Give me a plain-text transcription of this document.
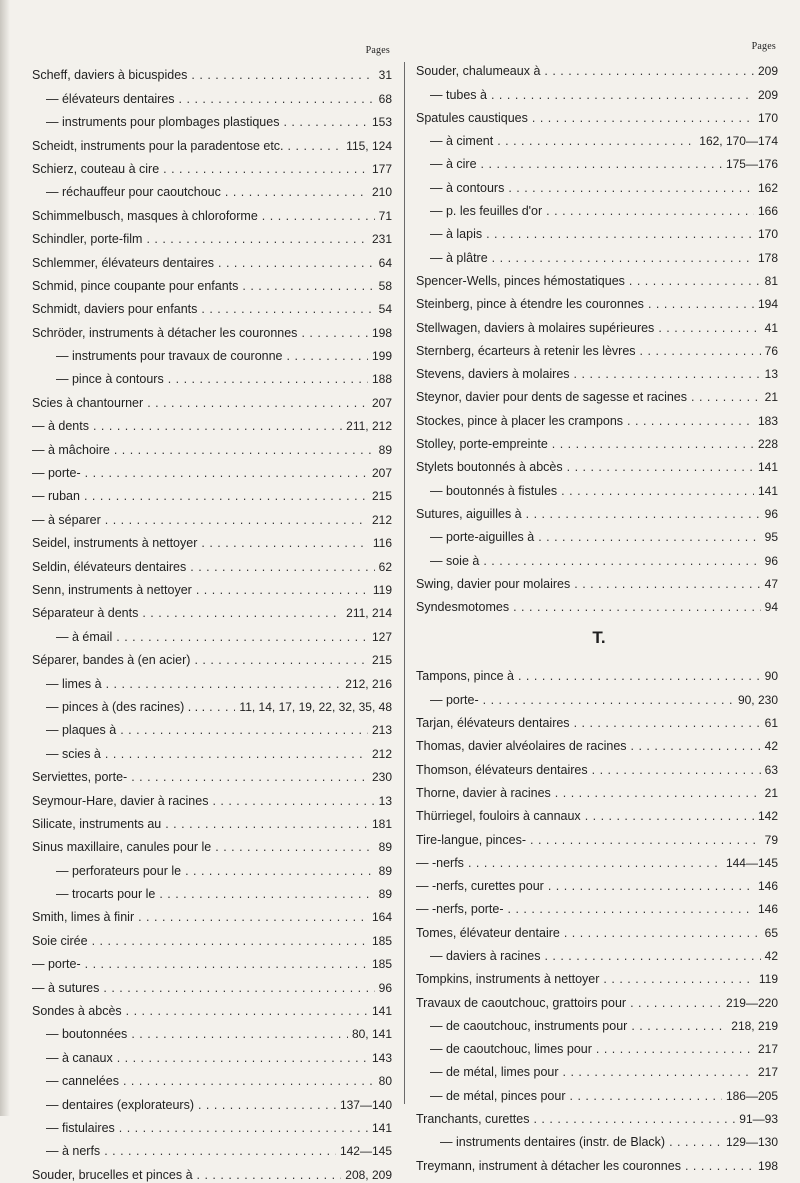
Pages
Scheff, daviers à bicuspides . . .	31
— élévateurs dentaires . . .	68
— instruments pour plombages plastiques . . .	153
Scheidt, instruments pour la paradentose etc. . . .	115, 124
Schierz, couteau à cire . . .	177
— réchauffeur pour caoutchouc . . .	210
Schimmelbusch, masques à chloroforme . . .	71
Schindler, porte-film . . .	231
Schlemmer, élévateurs dentaires . . .	64
Schmid, pince coupante pour enfants . . .	58
Schmidt, daviers pour enfants . . .	54
Schröder, instruments à détacher les couronnes . . .	198
— instruments pour travaux de couronne . . .	199
— pince à contours . . .	188
Scies à chantourner . . .	207
— à dents . . .	211, 212
— à mâchoire . . .	89
— porte- . . .	207
— ruban . . .	215
— à séparer . . .	212
Seidel, instruments à nettoyer . . .	116
Seldin, élévateurs dentaires . . .	62
Senn, instruments à nettoyer . . .	119
Séparateur à dents . . .	211, 214
— à émail . . .	127
Séparer, bandes à (en acier) . . .	215
— limes à . . .	212, 216
— pinces à (des racines) . . . . . .	11, 14, 17, 19, 22, 32, 35, 48
— plaques à . . .	213
— scies à . . .	212
Serviettes, porte- . . .	230
Seymour-Hare, davier à racines . . .	13
Silicate, instruments au . . .	181
Sinus maxillaire, canules pour le . . .	89
— perforateurs pour le . . .	89
— trocarts pour le . . .	89
Smith, limes à finir . . .	164
Soie cirée . . .	185
— porte- . . .	185
— à sutures . . .	96
Sondes à abcès . . .	141
— boutonnées . . .	80, 141
— à canaux . . .	143
— cannelées . . .	80
— dentaires (explorateurs) . . .	137—140
— fistulaires . . .	141
— à nerfs . . .	142—145
Souder, brucelles et pinces à . . .	208, 209
Pages
Souder, chalumeaux à . . .	209
— tubes à . . .	209
Spatules caustiques . . .	170
— à ciment . . .	162, 170—174
— à cire . . .	175—176
— à contours . . .	162
— p. les feuilles d'or . . .	166
— à lapis . . .	170
— à plâtre . . .	178
Spencer-Wells, pinces hémostatiques . . .	81
Steinberg, pince à étendre les couronnes . . .	194
Stellwagen, daviers à molaires supérieures . . .	41
Sternberg, écarteurs à retenir les lèvres . . .	76
Stevens, daviers à molaires . . .	13
Steynor, davier pour dents de sagesse et racines . . .	21
Stockes, pince à placer les crampons . . .	183
Stolley, porte-empreinte . . .	228
Stylets boutonnés à abcès . . .	141
— boutonnés à fistules . . .	141
Sutures, aiguilles à . . .	96
— porte-aiguilles à . . .	95
— soie à . . .	96
Swing, davier pour molaires . . .	47
Syndesmotomes . . .	94
T.
Tampons, pince à . . .	90
— porte- . . .	90, 230
Tarjan, élévateurs dentaires . . .	61
Thomas, davier alvéolaires de racines . . .	42
Thomson, élévateurs dentaires . . .	63
Thorne, davier à racines . . .	21
Thürriegel, fouloirs à cannaux . . .	142
Tire-langue, pinces- . . .	79
— -nerfs . . .	144—145
— -nerfs, curettes pour . . .	146
— -nerfs, porte- . . .	146
Tomes, élévateur dentaire . . .	65
— daviers à racines . . .	42
Tompkins, instruments à nettoyer . . .	119
Travaux de caoutchouc, grattoirs pour . . .	219—220
— de caoutchouc, instruments pour . . .	218, 219
— de caoutchouc, limes pour . . .	217
— de métal, limes pour . . .	217
— de métal, pinces pour . . .	186—205
Tranchants, curettes . . .	91—93
— instruments dentaires (instr. de Black) . . .	129—130
Treymann, instrument à détacher les couronnes . . .	198
